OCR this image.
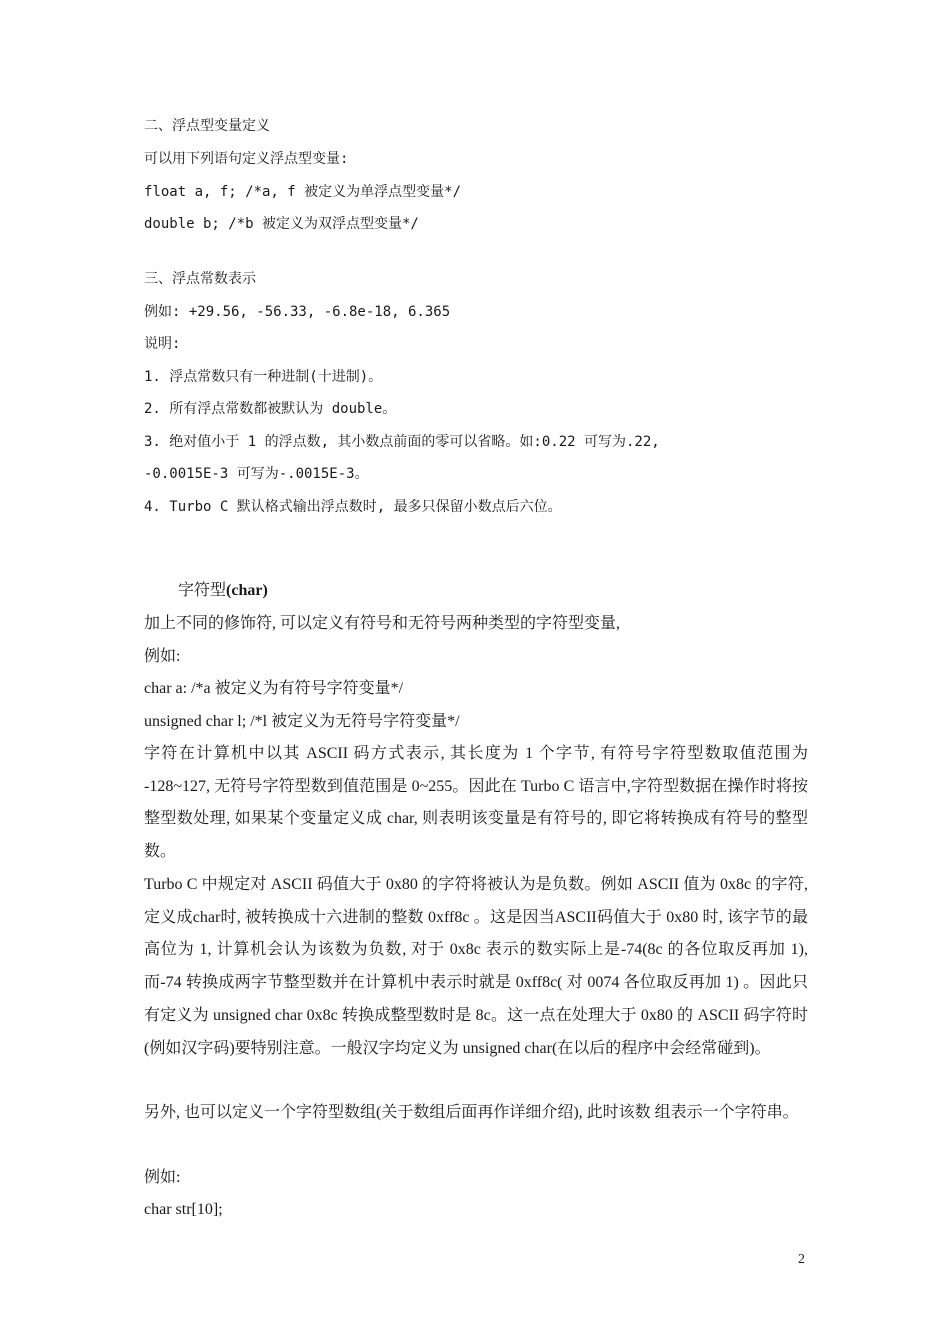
二、浮点型变量定义
可以用下列语句定义浮点型变量:
float a, f; /*a, f 被定义为单浮点型变量*/
double b; /*b 被定义为双浮点型变量*/
三、浮点常数表示
例如: +29.56, -56.33, -6.8e-18, 6.365
说明:
1. 浮点常数只有一种进制(十进制)。
2. 所有浮点常数都被默认为 double。
3. 绝对值小于 1 的浮点数, 其小数点前面的零可以省略。如:0.22 可写为.22,
-0.0015E-3 可写为-.0015E-3。
4. Turbo C 默认格式输出浮点数时, 最多只保留小数点后六位。
字符型(char)
加上不同的修饰符, 可以定义有符号和无符号两种类型的字符型变量,
例如:
char a: /*a 被定义为有符号字符变量*/
unsigned char l; /*l 被定义为无符号字符变量*/
字符在计算机中以其 ASCII 码方式表示, 其长度为 1 个字节, 有符号字符型数取值范围为 -128~127, 无符号字符型数到值范围是 0~255。因此在 Turbo C 语言中,字符型数据在操作时将按整型数处理, 如果某个变量定义成 char, 则表明该变量是有符号的, 即它将转换成有符号的整型数。
Turbo C 中规定对 ASCII 码值大于 0x80 的字符将被认为是负数。例如 ASCII 值为 0x8c 的字符, 定义成char时, 被转换成十六进制的整数 0xff8c 。这是因当ASCII码值大于 0x80 时, 该字节的最高位为 1, 计算机会认为该数为负数, 对于 0x8c 表示的数实际上是-74(8c 的各位取反再加 1), 而-74 转换成两字节整型数并在计算机中表示时就是 0xff8c( 对 0074 各位取反再加 1) 。因此只有定义为 unsigned char 0x8c 转换成整型数时是 8c。这一点在处理大于 0x80 的 ASCII 码字符时(例如汉字码)要特别注意。一般汉字均定义为 unsigned char(在以后的程序中会经常碰到)。
另外, 也可以定义一个字符型数组(关于数组后面再作详细介绍), 此时该数 组表示一个字符串。
例如:
char str[10];
2
